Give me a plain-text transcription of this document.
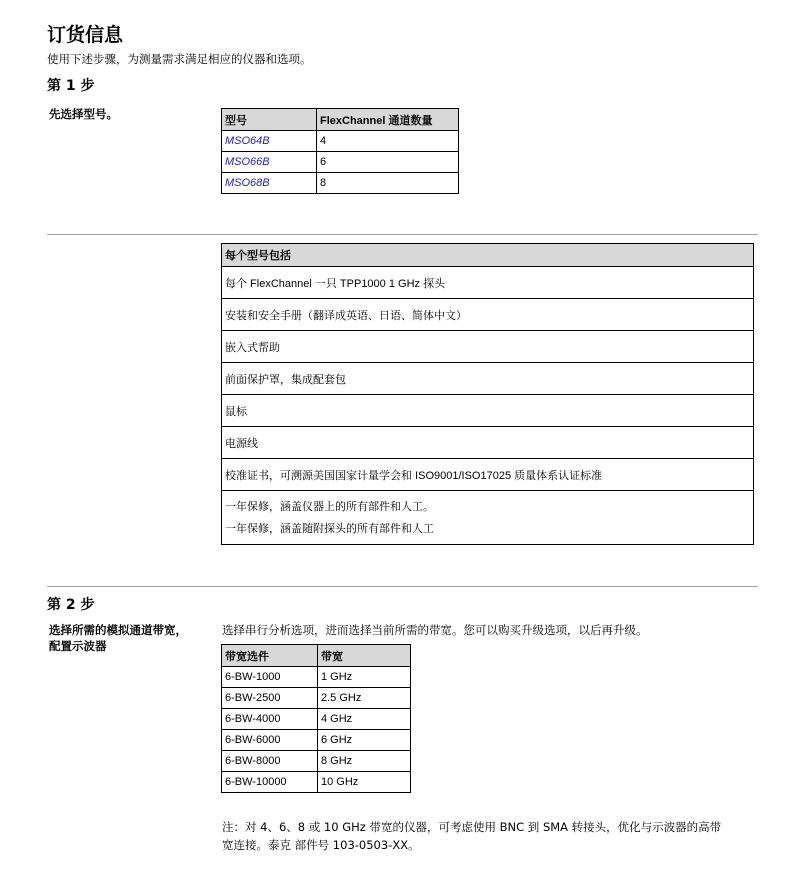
订货信息
使用下述步骤，为测量需求满足相应的仪器和选项。
第 1 步
先选择型号。	型号	FlexChannel 通道数量
MSO64B	4
MSO66B	6
MSO68B	8
每个型号包括
每个 FlexChannel 一只 TPP1000 1 GHz 探头
安装和安全手册（翻译成英语、日语、简体中文）
嵌入式帮助
前面保护罩，集成配套包
鼠标
电源线
校准证书，可溯源美国国家计量学会和 ISO9001/ISO17025 质量体系认证标准

一年保修，涵盖仪器上的所有部件和人工。
一年保修，涵盖随附探头的所有部件和人工
第 2 步
选择所需的模拟通道带宽，
配置示波器
选择串行分析选项，进而选择当前所需的带宽。您可以购买升级选项，以后再升级。
带宽选件	带宽
6-BW-1000	1 GHz
6-BW-2500	2.5 GHz
6-BW-4000	4 GHz
6-BW-6000	6 GHz
6-BW-8000	8 GHz
6-BW-10000	10 GHz
注：对 4、6、8 或 10 GHz 带宽的仪器，可考虑使用 BNC 到 SMA 转接头，优化与示波器的高带
宽连接。泰克 部件号 103-0503-XX。
